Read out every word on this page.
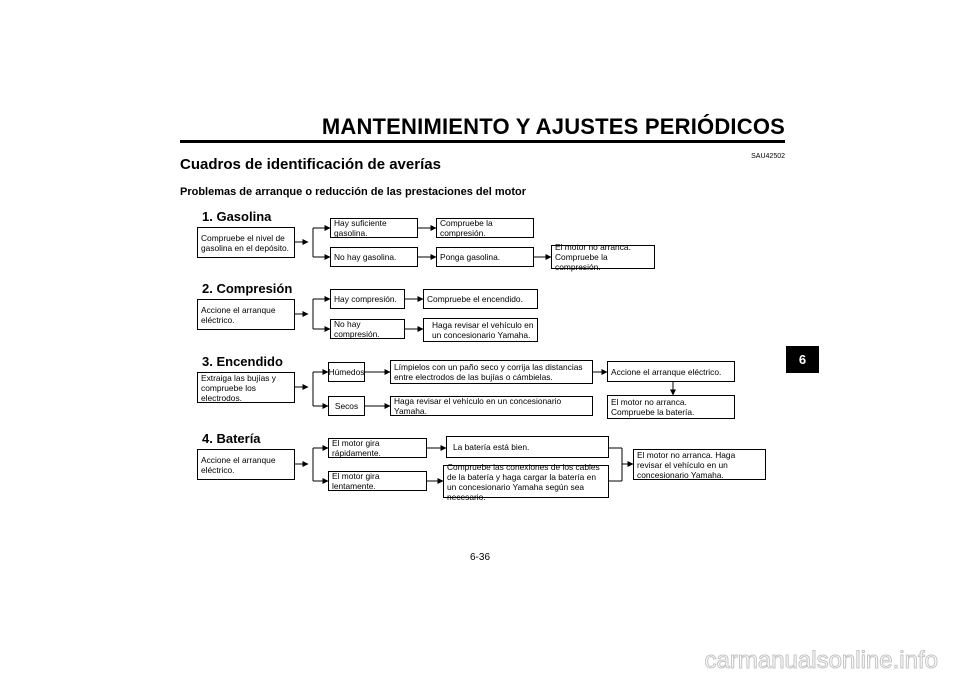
MANTENIMIENTO Y AJUSTES PERIÓDICOS
SAU42502
Cuadros de identificación de averías
Problemas de arranque o reducción de las prestaciones del motor
1. Gasolina
Compruebe el nivel de gasolina en el depósito.
Hay suficiente gasolina.
Compruebe la compresión.
No hay gasolina.	Ponga gasolina.
El motor no arranca. Compruebe la compresión.
2. Compresión
Accione el arranque eléctrico.
Hay compresión.	Compruebe el encendido.
No hay compresión.
Haga revisar el vehículo en un concesionario Yamaha.
3. Encendido
Extraiga las bujías y compruebe los electrodos.
Húmedos	Límpielos con un paño seco y corrija las distancias entre electrodos de las bujías o cámbielas.
Accione el arranque eléctrico.
El motor no arranca. Compruebe la batería.
Secos	Haga revisar el vehículo en un concesionario Yamaha.
4. Batería
Accione el arranque eléctrico.
El motor gira rápidamente.
La batería está bien.
El motor gira lentamente.
Compruebe las conexiones de los cables de la batería y haga cargar la batería en un concesionario Yamaha según sea necesario.
El motor no arranca. Haga revisar el vehículo en un concesionario Yamaha.
6
6-36
carmanualsonline.info
